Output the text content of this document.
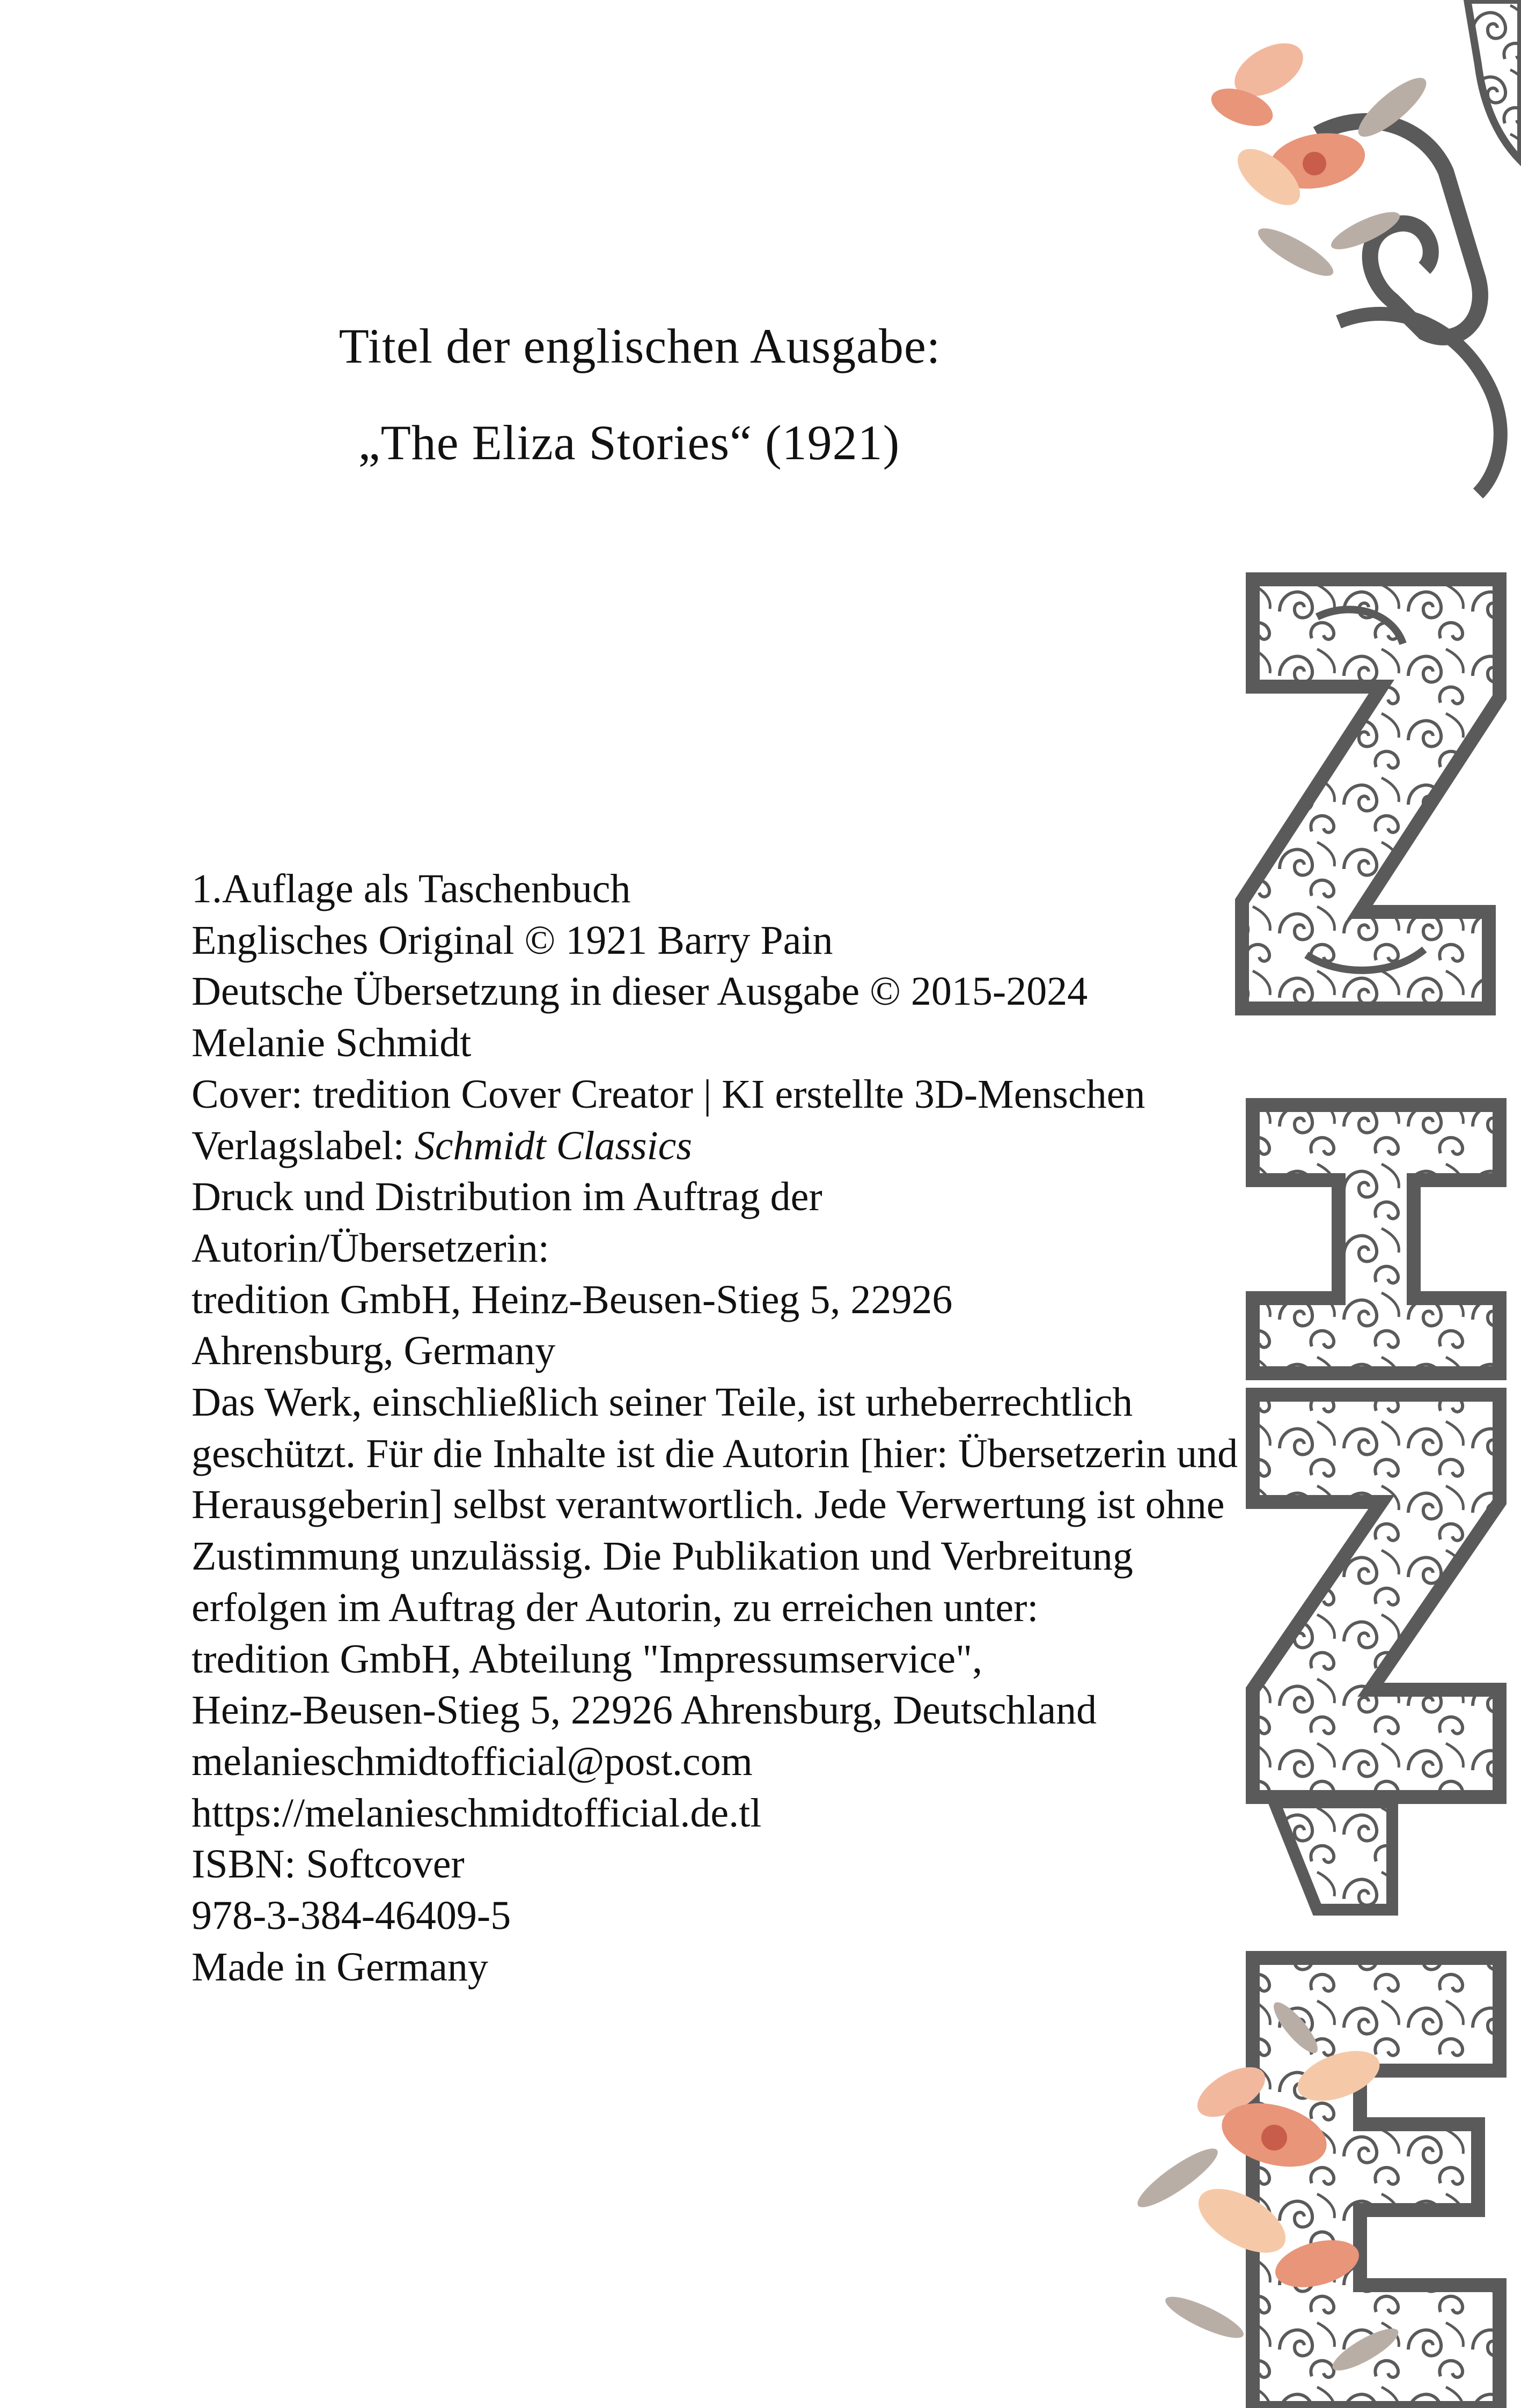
Titel der englischen Ausgabe:
„The Eliza Stories“ (1921)
1.Auflage als Taschenbuch
Englisches Original © 1921 Barry Pain
Deutsche Übersetzung in dieser Ausgabe © 2015-2024
Melanie Schmidt
Cover: tredition Cover Creator | KI erstellte 3D-Menschen
Verlagslabel: Schmidt Classics
Druck und Distribution im Auftrag der
Autorin/Übersetzerin:
tredition GmbH, Heinz-Beusen-Stieg 5, 22926
Ahrensburg, Germany
Das Werk, einschließlich seiner Teile, ist urheberrechtlich
geschützt. Für die Inhalte ist die Autorin [hier: Übersetzerin und
Herausgeberin] selbst verantwortlich. Jede Verwertung ist ohne
Zustimmung unzulässig. Die Publikation und Verbreitung
erfolgen im Auftrag der Autorin, zu erreichen unter:
tredition GmbH, Abteilung "Impressumservice",
Heinz-Beusen-Stieg 5, 22926 Ahrensburg, Deutschland
melanieschmidtofficial@post.com
https://melanieschmidtofficial.de.tl
ISBN: Softcover
978-3-384-46409-5
Made in Germany
